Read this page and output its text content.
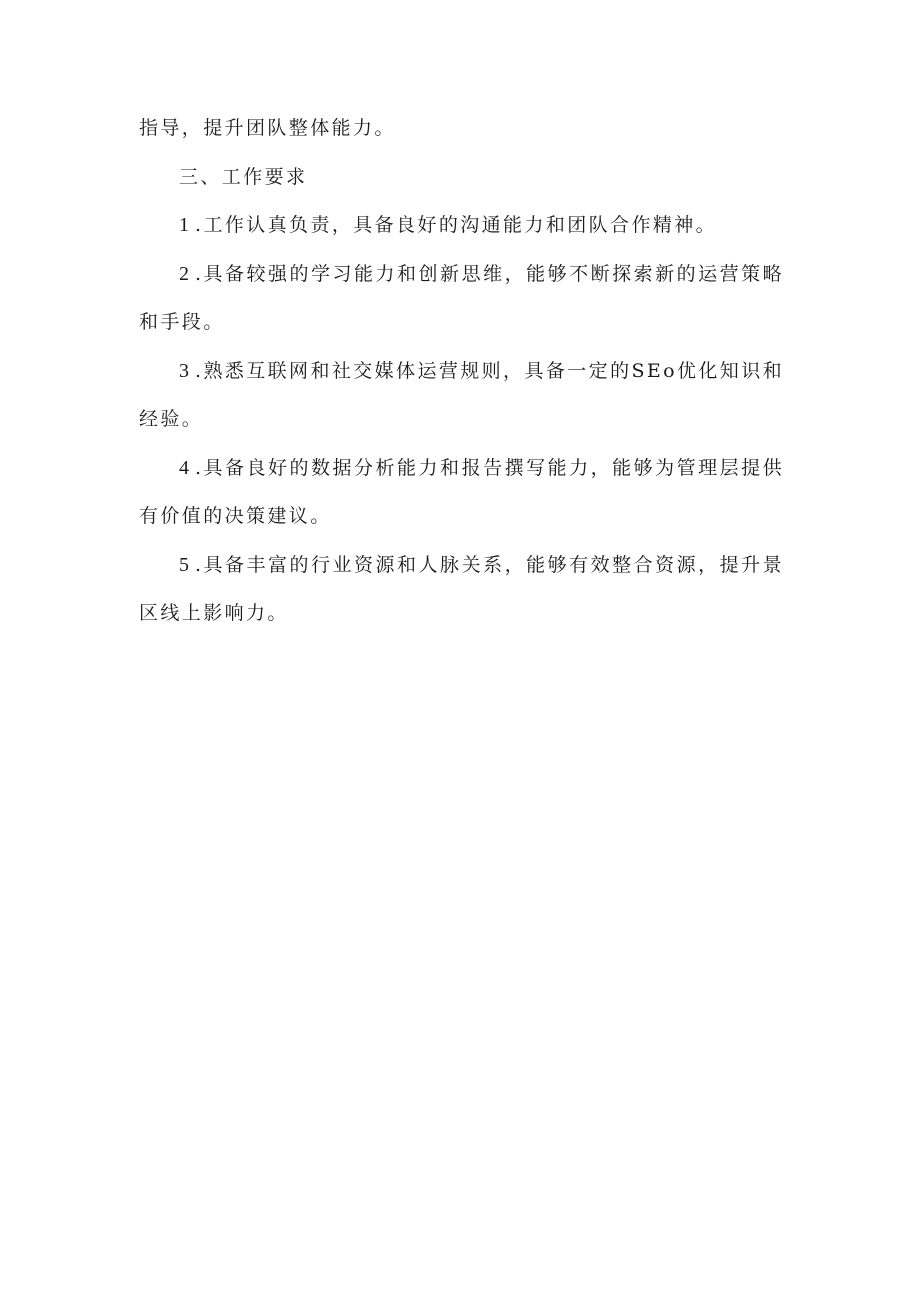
指导，提升团队整体能力。

三、工作要求

1 .工作认真负责，具备良好的沟通能力和团队合作精神。

2 .具备较强的学习能力和创新思维，能够不断探索新的运营策略和手段。

3 .熟悉互联网和社交媒体运营规则，具备一定的SEo优化知识和经验。

4 .具备良好的数据分析能力和报告撰写能力，能够为管理层提供有价值的决策建议。

5 .具备丰富的行业资源和人脉关系，能够有效整合资源，提升景区线上影响力。
